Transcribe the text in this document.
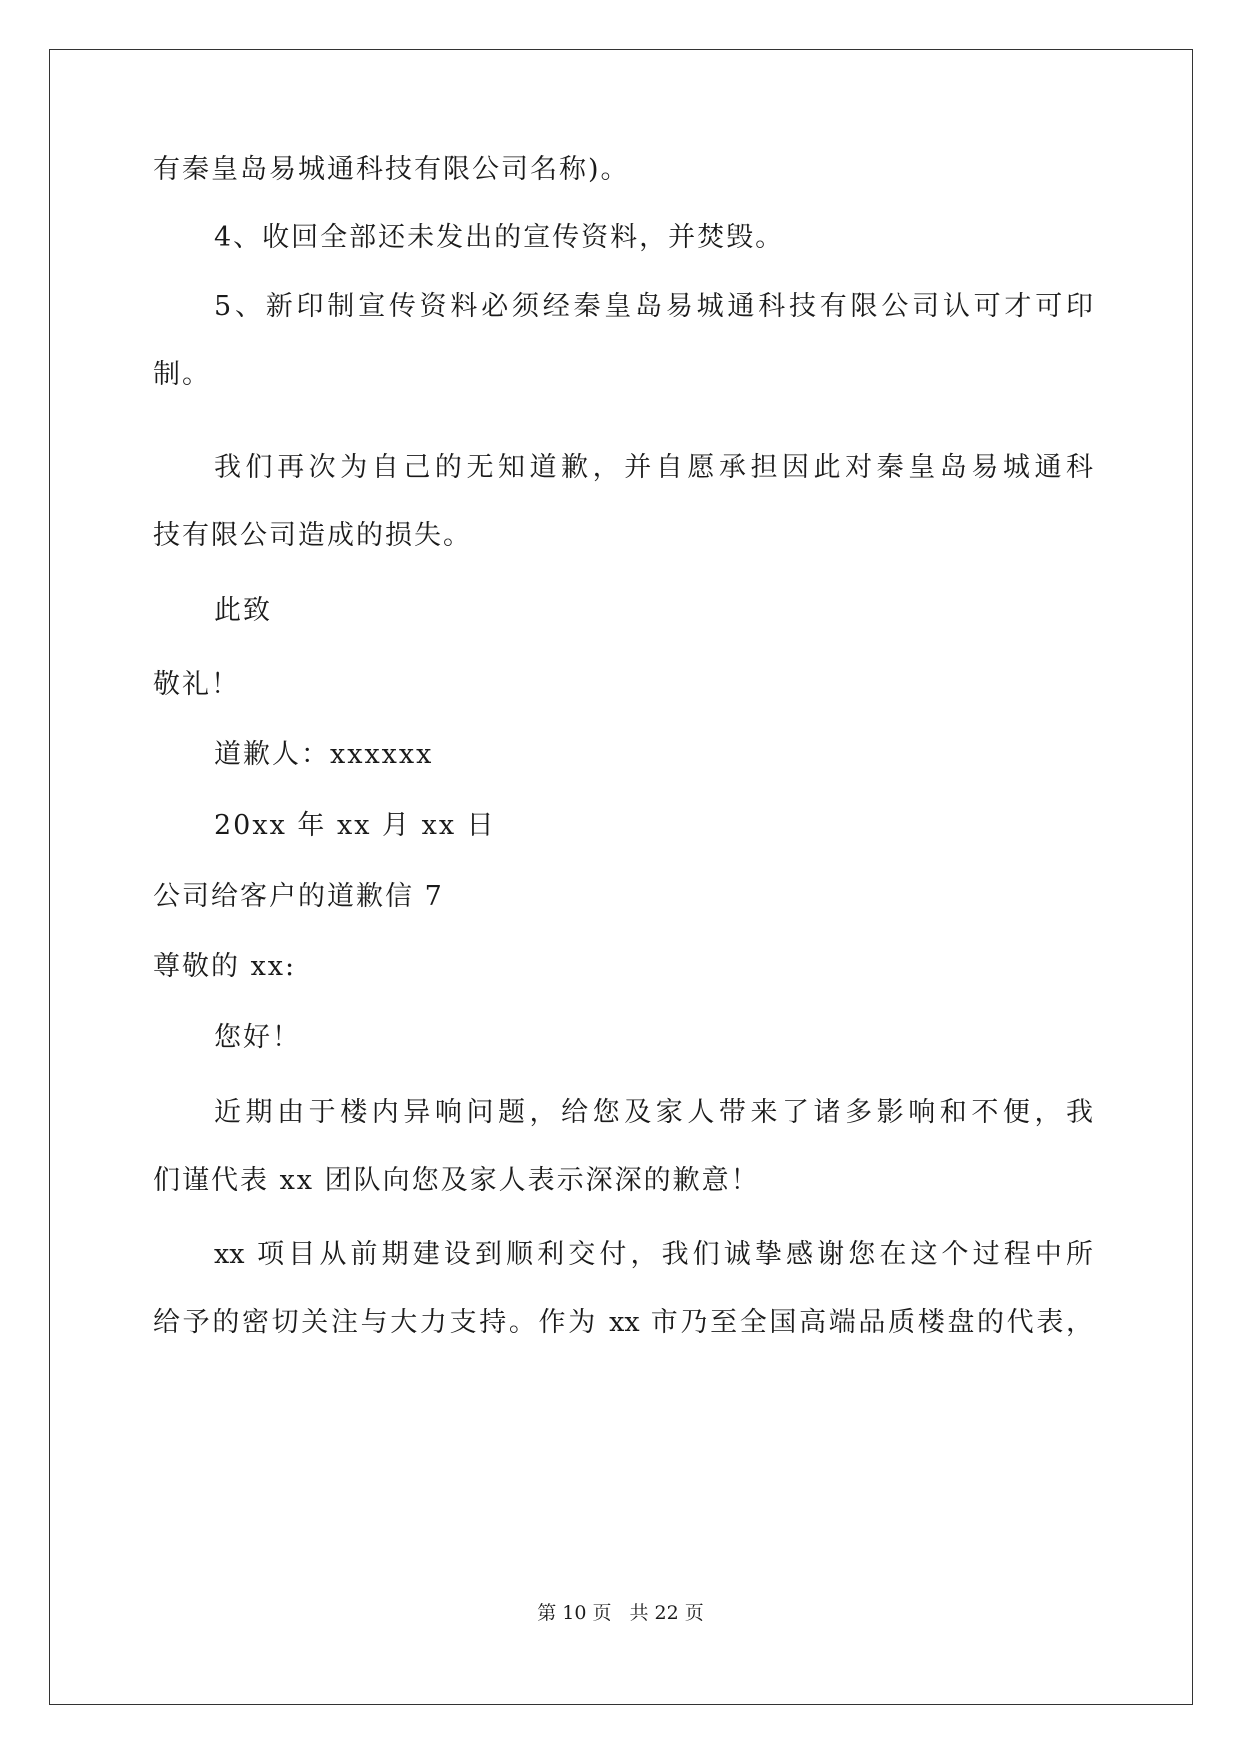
有秦皇岛易城通科技有限公司名称)。
4、收回全部还未发出的宣传资料，并焚毁。
5、新印制宣传资料必须经秦皇岛易城通科技有限公司认可才可印
制。
我们再次为自己的无知道歉，并自愿承担因此对秦皇岛易城通科
技有限公司造成的损失。
此致
敬礼！
道歉人：xxxxxx
20xx 年 xx 月 xx 日
公司给客户的道歉信 7
尊敬的 xx:
您好！
近期由于楼内异响问题，给您及家人带来了诸多影响和不便，我
们谨代表 xx 团队向您及家人表示深深的歉意！
xx 项目从前期建设到顺利交付，我们诚挚感谢您在这个过程中所
给予的密切关注与大力支持。作为 xx 市乃至全国高端品质楼盘的代表，
第 10 页 共 22 页
